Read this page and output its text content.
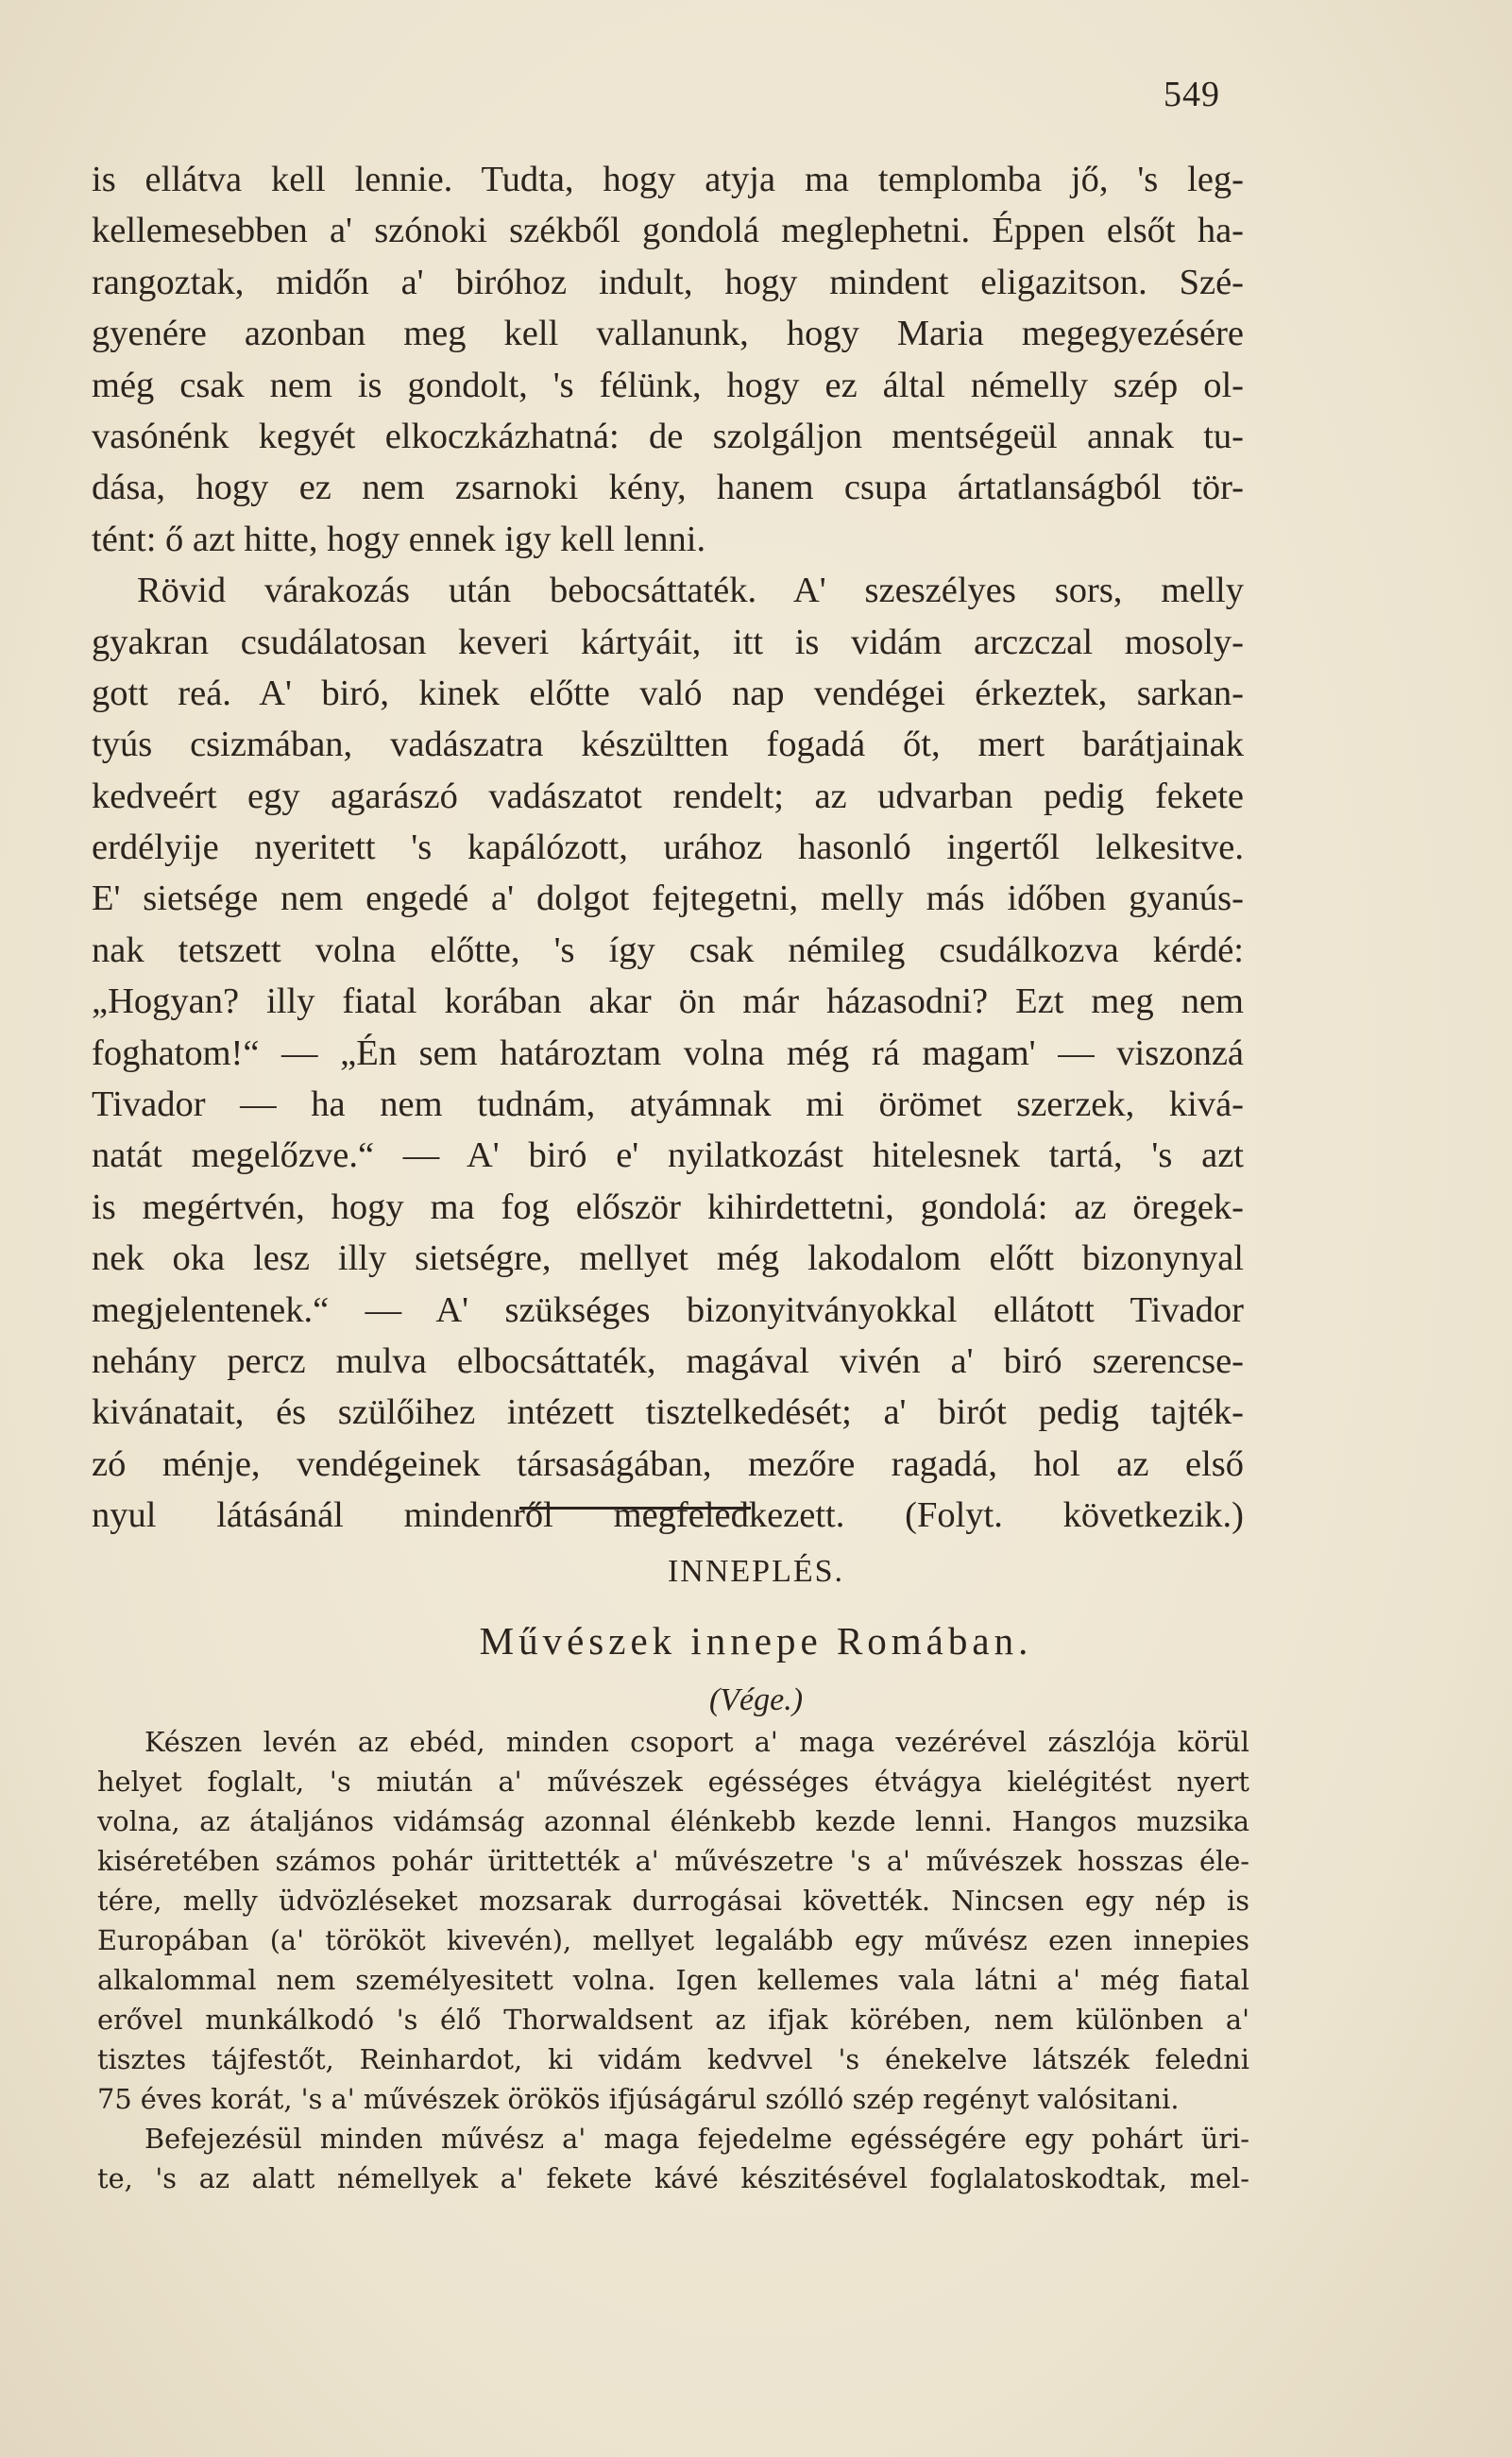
549
is ellátva kell lennie. Tudta, hogy atyja ma templomba jő, 's leg-
kellemesebben a' szónoki székből gondolá meglephetni. Éppen elsőt ha-
rangoztak, midőn a' biróhoz indult, hogy mindent eligazitson. Szé-
gyenére azonban meg kell vallanunk, hogy Maria megegyezésére
még csak nem is gondolt, 's félünk, hogy ez által némelly szép ol-
vasónénk kegyét elkoczkázhatná: de szolgáljon mentségeül annak tu-
dása, hogy ez nem zsarnoki kény, hanem csupa ártatlanságból tör-
tént: ő azt hitte, hogy ennek igy kell lenni.
Rövid várakozás után bebocsáttaték. A' szeszélyes sors, melly
gyakran csudálatosan keveri kártyáit, itt is vidám arczczal mosoly-
gott reá. A' biró, kinek előtte való nap vendégei érkeztek, sarkan-
tyús csizmában, vadászatra készültten fogadá őt, mert barátjainak
kedveért egy agarászó vadászatot rendelt; az udvarban pedig fekete
erdélyije nyeritett 's kapálózott, urához hasonló ingertől lelkesitve.
E' sietsége nem engedé a' dolgot fejtegetni, melly más időben gyanús-
nak tetszett volna előtte, 's így csak némileg csudálkozva kérdé:
„Hogyan? illy fiatal korában akar ön már házasodni? Ezt meg nem
foghatom!“ — „Én sem határoztam volna még rá magam' — viszonzá
Tivador — ha nem tudnám, atyámnak mi örömet szerzek, kivá-
natát megelőzve.“ — A' biró e' nyilatkozást hitelesnek tartá, 's azt
is megértvén, hogy ma fog először kihirdettetni, gondolá: az öregek-
nek oka lesz illy sietségre, mellyet még lakodalom előtt bizonynyal
megjelentenek.“ — A' szükséges bizonyitványokkal ellátott Tivador
nehány percz mulva elbocsáttaték, magával vivén a' biró szerencse-
kivánatait, és szülőihez intézett tisztelkedését; a' birót pedig tajték-
zó ménje, vendégeinek társaságában, mezőre ragadá, hol az első
nyul látásánál mindenről megfeledkezett. (Folyt. következik.)
INNEPLÉS.
Művészek innepe Romában.
(Vége.)
Készen levén az ebéd, minden csoport a' maga vezérével zászlója körül
helyet foglalt, 's miután a' művészek egésséges étvágya kielégitést nyert
volna, az átaljános vidámság azonnal élénkebb kezde lenni. Hangos muzsika
kiséretében számos pohár ürittették a' művészetre 's a' művészek hosszas éle-
tére, melly üdvözléseket mozsarak durrogásai követték. Nincsen egy nép is
Europában (a' törököt kivevén), mellyet legalább egy művész ezen innepies
alkalommal nem személyesitett volna. Igen kellemes vala látni a' még fiatal
erővel munkálkodó 's élő Thorwaldsent az ifjak körében, nem különben a'
tisztes tájfestőt, Reinhardot, ki vidám kedvvel 's énekelve látszék feledni
75 éves korát, 's a' művészek örökös ifjúságárul szólló szép regényt valósitani.
Befejezésül minden művész a' maga fejedelme egésségére egy pohárt üri-
te, 's az alatt némellyek a' fekete kávé készitésével foglalatoskodtak, mel-
